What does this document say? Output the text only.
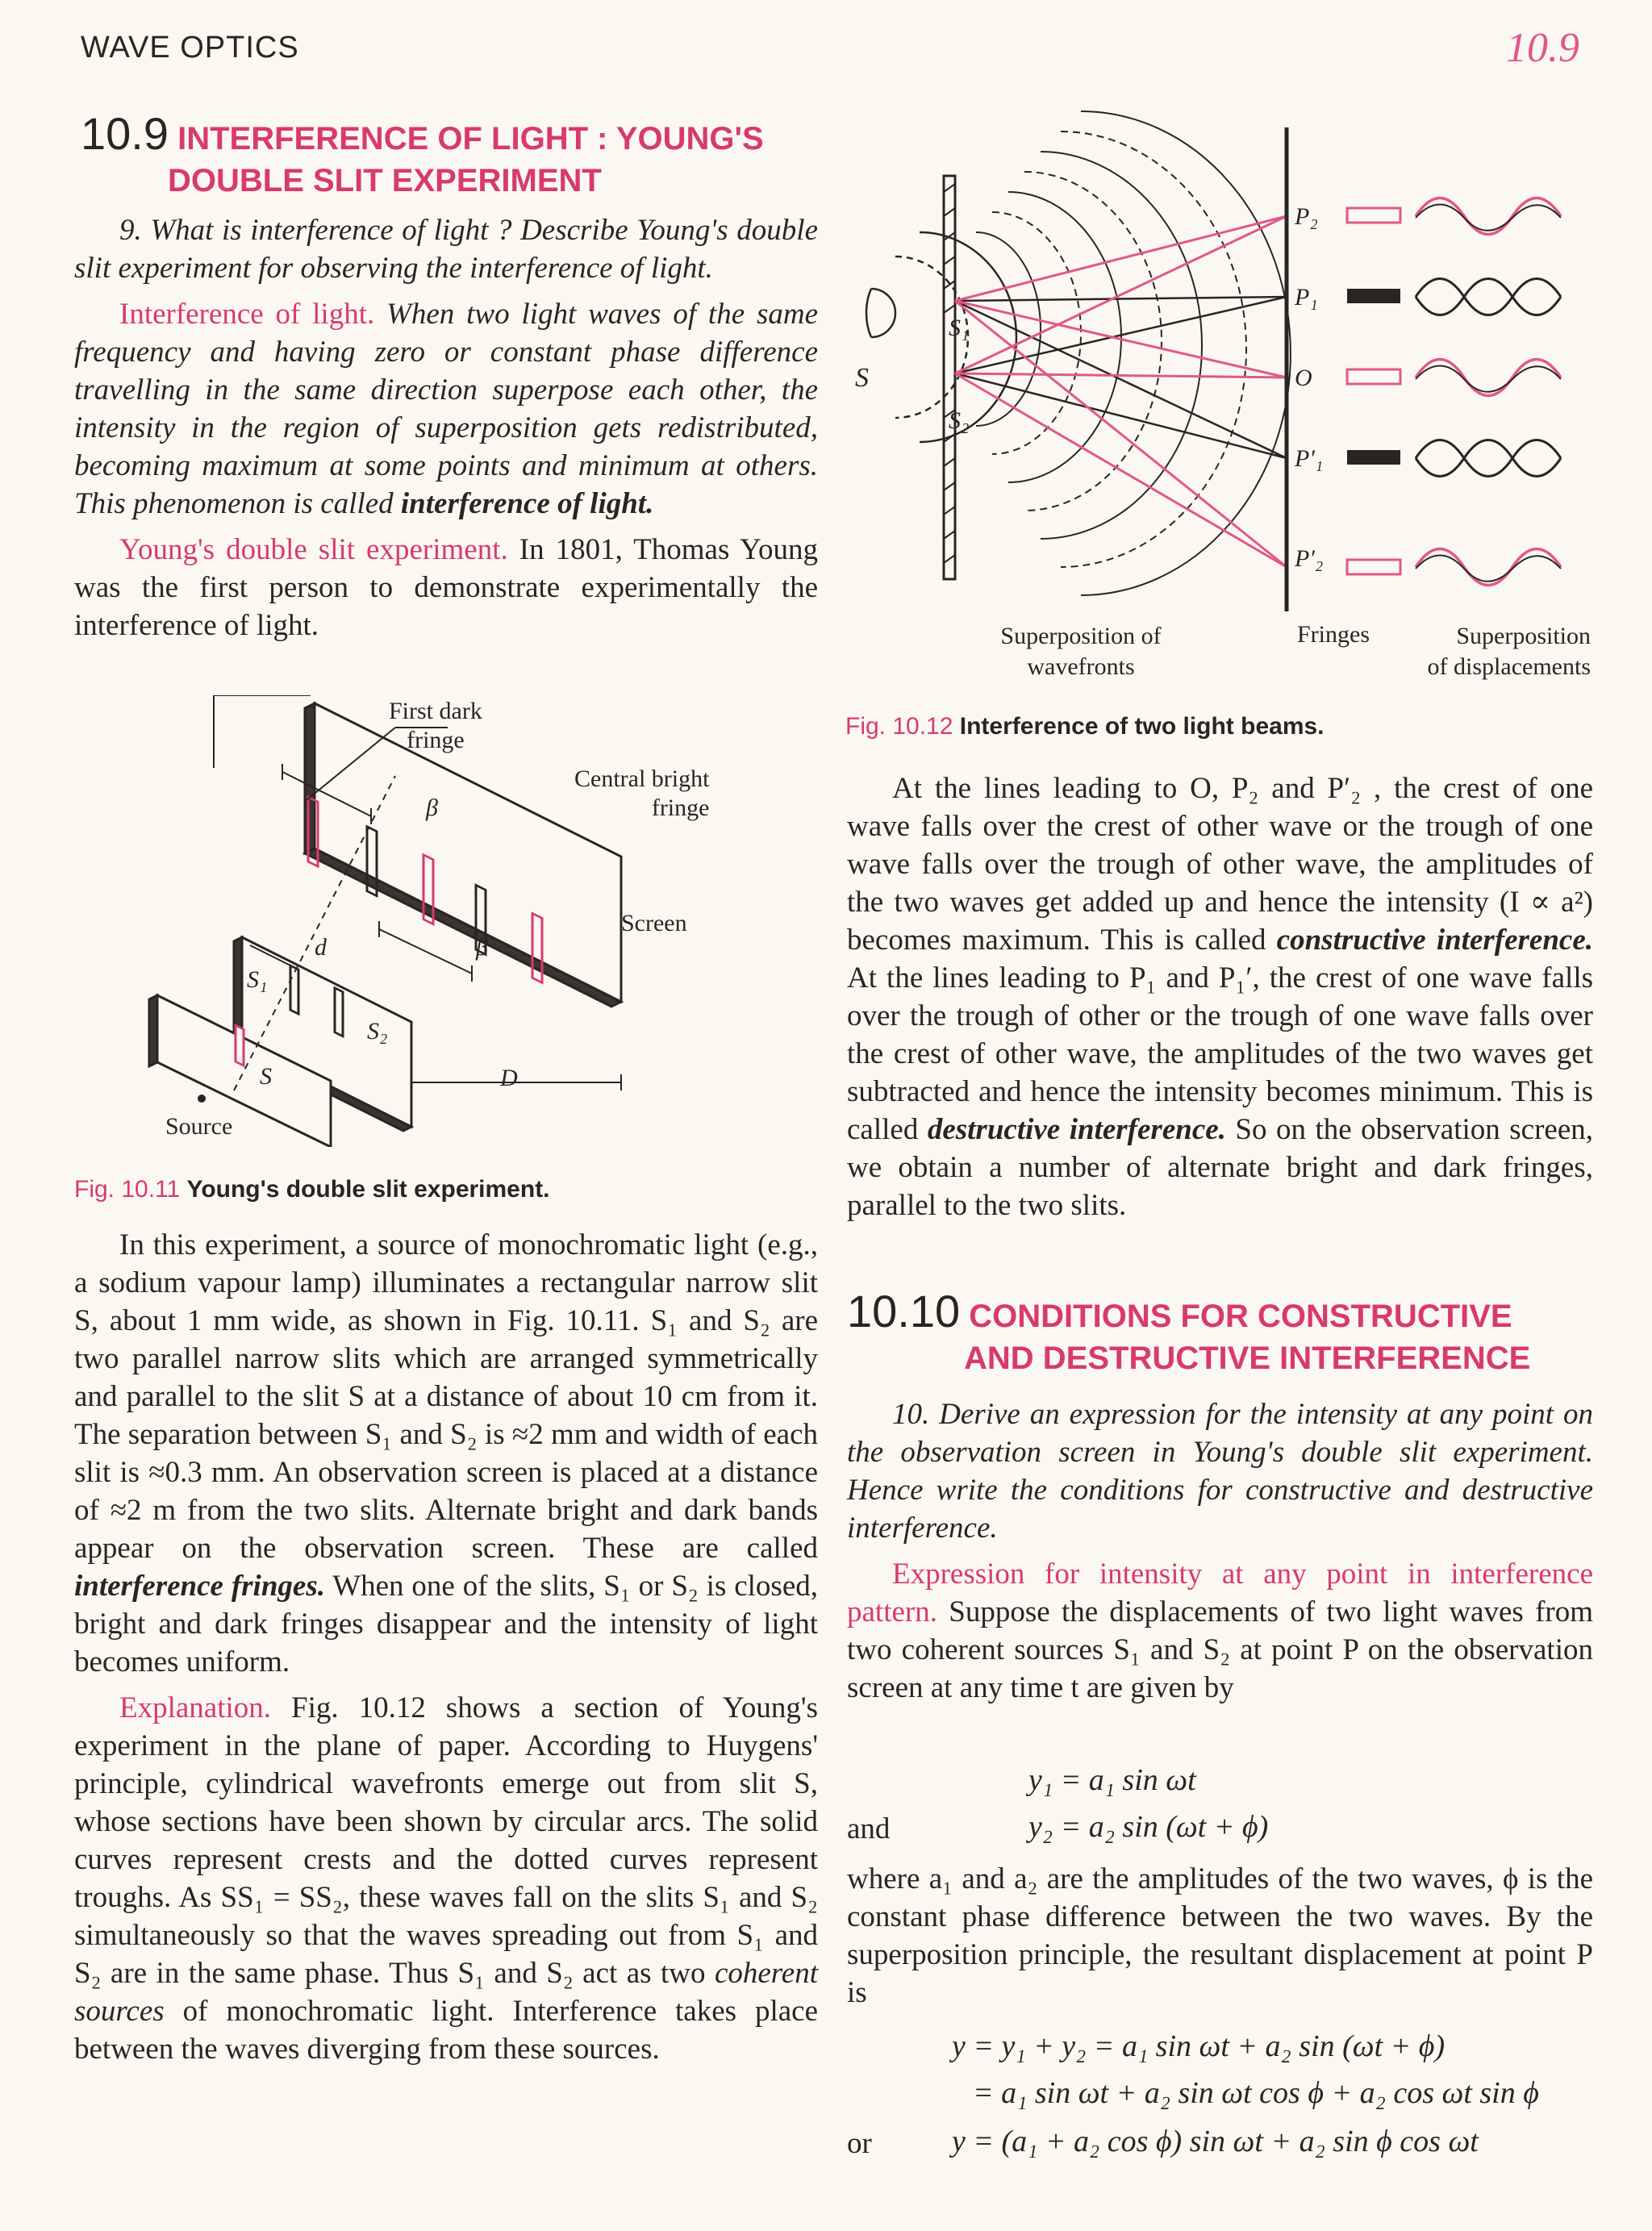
WAVE OPTICS	10.9
10.9 INTERFERENCE OF LIGHT : YOUNG'S
DOUBLE SLIT EXPERIMENT

9. What is interference of light ? Describe Young's double slit experiment for observing the interference of light.

Interference of light. When two light waves of the same frequency and having zero or constant phase difference travelling in the same direction superpose each other, the intensity in the region of superposition gets redistributed, becoming maximum at some points and minimum at others. This phenomenon is called interference of light.

Young's double slit experiment. In 1801, Thomas Young was the first person to demonstrate experimentally the interference of light.

First dark
fringe
Central bright
fringe
Screen
β
β
d
D
S₁
S₂
S
Source
Fig. 10.11 Young's double slit experiment.

In this experiment, a source of monochromatic light (e.g., a sodium vapour lamp) illuminates a rectangular narrow slit S, about 1 mm wide, as shown in Fig. 10.11. S₁ and S₂ are two parallel narrow slits which are arranged symmetrically and parallel to the slit S at a distance of about 10 cm from it. The separation between S₁ and S₂ is ≈2 mm and width of each slit is ≈0.3 mm. An observation screen is placed at a distance of ≈2 m from the two slits. Alternate bright and dark bands appear on the observation screen. These are called interference fringes. When one of the slits, S₁ or S₂ is closed, bright and dark fringes disappear and the intensity of light becomes uniform.

Explanation. Fig. 10.12 shows a section of Young's experiment in the plane of paper. According to Huygens' principle, cylindrical wavefronts emerge out from slit S, whose sections have been shown by circular arcs. The solid curves represent crests and the dotted curves represent troughs. As SS₁ = SS₂, these waves fall on the slits S₁ and S₂ simultaneously so that the waves spreading out from S₁ and S₂ are in the same phase. Thus S₁ and S₂ act as two coherent sources of monochromatic light. Interference takes place between the waves diverging from these sources.

S
S₁
S₂
P₂
P₁
O
P′₁
P′₂
Superposition of
wavefronts
Fringes	Superposition
of displacements
Fig. 10.12 Interference of two light beams.

At the lines leading to O, P₂ and P′₂ , the crest of one wave falls over the crest of other wave or the trough of one wave falls over the trough of other wave, the amplitudes of the two waves get added up and hence the intensity (I ∝ a²) becomes maximum. This is called constructive interference. At the lines leading to P₁ and P₁′, the crest of one wave falls over the trough of other or the trough of one wave falls over the crest of other wave, the amplitudes of the two waves get subtracted and hence the intensity becomes minimum. This is called destructive interference. So on the observation screen, we obtain a number of alternate bright and dark fringes, parallel to the two slits.

10.10 CONDITIONS FOR CONSTRUCTIVE
AND DESTRUCTIVE INTERFERENCE

10. Derive an expression for the intensity at any point on the observation screen in Young's double slit experiment. Hence write the conditions for constructive and destructive interference.

Expression for intensity at any point in interference pattern. Suppose the displacements of two light waves from two coherent sources S₁ and S₂ at point P on the observation screen at any time t are given by

y₁ = a₁ sin ωt
and	y₂ = a₂ sin (ωt + ϕ)
where a₁ and a₂ are the amplitudes of the two waves, ϕ is the constant phase difference between the two waves. By the superposition principle, the resultant displacement at point P is
y = y₁ + y₂ = a₁ sin ωt + a₂ sin (ωt + ϕ)
= a₁ sin ωt + a₂ sin ωt cos ϕ + a₂ cos ωt sin ϕ
or	y = (a₁ + a₂ cos ϕ) sin ωt + a₂ sin ϕ cos ωt
